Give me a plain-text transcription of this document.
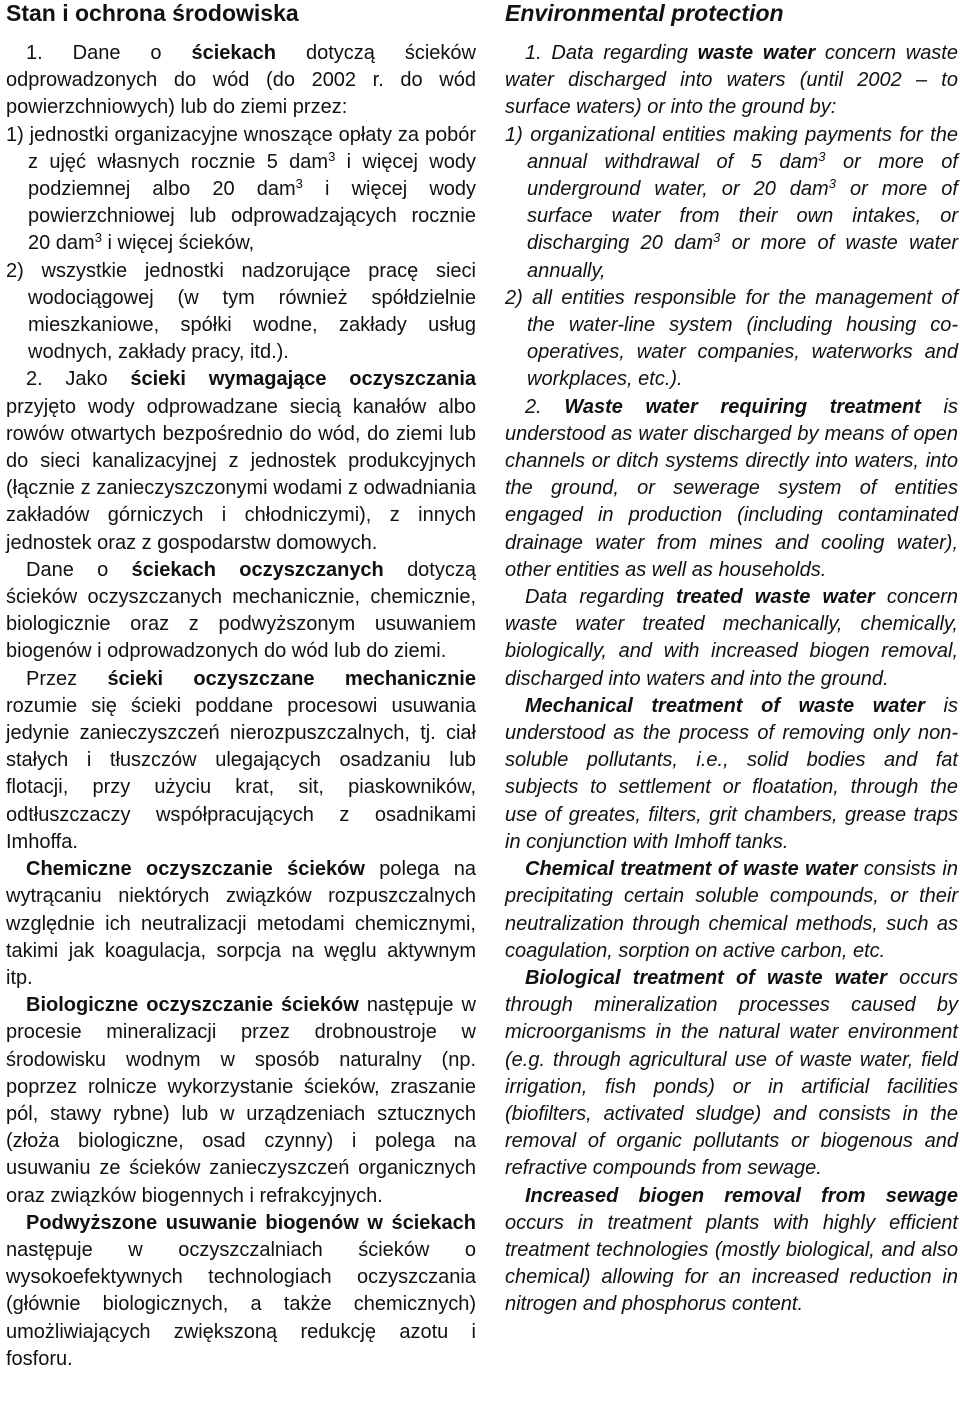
Stan i ochrona środowiska

1. Dane o ściekach dotyczą ścieków odprowadzonych do wód (do 2002 r. do wód powierzchniowych) lub do ziemi przez:

1) jednostki organizacyjne wnoszące opłaty za pobór z ujęć własnych rocznie 5 dam$^3$ i więcej wody podziemnej albo 20 dam$^3$ i więcej wody powierzchniowej lub odprowadzających rocznie 20 dam$^3$ i więcej ścieków,

2) wszystkie jednostki nadzorujące pracę sieci wodociągowej (w tym również spółdzielnie mieszkaniowe, spółki wodne, zakłady usług wodnych, zakłady pracy, itd.).

2. Jako ścieki wymagające oczyszczania przyjęto wody odprowadzane siecią kanałów albo rowów otwartych bezpośrednio do wód, do ziemi lub do sieci kanalizacyjnej z jednostek produkcyjnych (łącznie z zanieczyszczonymi wodami z odwadniania zakładów górniczych i chłodniczymi), z innych jednostek oraz z gospodarstw domowych.

Dane o ściekach oczyszczanych dotyczą ścieków oczyszczanych mechanicznie, chemicznie, biologicznie oraz z podwyższonym usuwaniem biogenów i odprowadzonych do wód lub do ziemi.

Przez ścieki oczyszczane mechanicznie rozumie się ścieki poddane procesowi usuwania jedynie zanieczyszczeń nierozpuszczalnych, tj. ciał stałych i tłuszczów ulegających osadzaniu lub flotacji, przy użyciu krat, sit, piaskowników, odtłuszczaczy współpracujących z osadnikami Imhoffa.

Chemiczne oczyszczanie ścieków polega na wytrącaniu niektórych związków rozpuszczalnych względnie ich neutralizacji metodami chemicznymi, takimi jak koagulacja, sorpcja na węglu aktywnym itp.

Biologiczne oczyszczanie ścieków następuje w procesie mineralizacji przez drobnoustroje w środowisku wodnym w sposób naturalny (np. poprzez rolnicze wykorzystanie ścieków, zraszanie pól, stawy rybne) lub w urządzeniach sztucznych (złoża biologiczne, osad czynny) i polega na usuwaniu ze ścieków zanieczyszczeń organicznych oraz związków biogennych i refrakcyjnych.

Podwyższone usuwanie biogenów w ściekach następuje w oczyszczalniach ścieków o wysokoefektywnych technologiach oczyszczania (głównie biologicznych, a także chemicznych) umożliwiających zwiększoną redukcję azotu i fosforu.

Environmental protection

1. Data regarding waste water concern waste water discharged into waters (until 2002 – to surface waters) or into the ground by:

1) organizational entities making payments for the annual withdrawal of 5 dam$^3$ or more of underground water, or 20 dam$^3$ or more of surface water from their own intakes, or discharging 20 dam$^3$ or more of waste water annually,

2) all entities responsible for the management of the water-line system (including housing co-operatives, water companies, waterworks and workplaces, etc.).

2. Waste water requiring treatment is understood as water discharged by means of open channels or ditch systems directly into waters, into the ground, or sewerage system of entities engaged in production (including contaminated drainage water from mines and cooling water), other entities as well as households.

Data regarding treated waste water concern waste water treated mechanically, chemically, biologically, and with increased biogen removal, discharged into waters and into the ground.

Mechanical treatment of waste water is understood as the process of removing only non-soluble pollutants, i.e., solid bodies and fat subjects to settlement or floatation, through the use of greates, filters, grit chambers, grease traps in conjunction with Imhoff tanks.

Chemical treatment of waste water consists in precipitating certain soluble compounds, or their neutralization through chemical methods, such as coagulation, sorption on active carbon, etc.

Biological treatment of waste water occurs through mineralization processes caused by microorganisms in the natural water environment (e.g. through agricultural use of waste water, field irrigation, fish ponds) or in artificial facilities (biofilters, activated sludge) and consists in the removal of organic pollutants or biogenous and refractive compounds from sewage.

Increased biogen removal from sewage occurs in treatment plants with highly efficient treatment technologies (mostly biological, and also chemical) allowing for an increased reduction in nitrogen and phosphorus content.
